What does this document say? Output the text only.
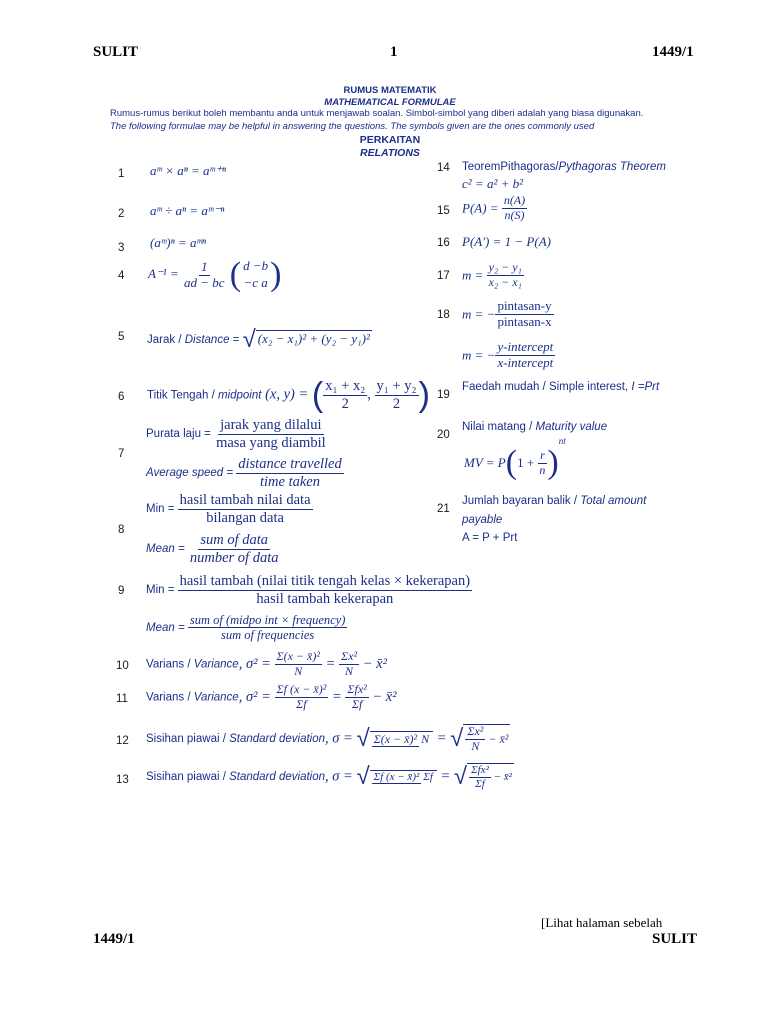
SULIT	1	1449/1
RUMUS MATEMATIK
MATHEMATICAL FORMULAE
Rumus-rumus berikut boleh membantu anda untuk menjawab soalan. Simbol-simbol yang diberi adalah yang biasa digunakan.
The following formulae may be helpful in answering the questions. The symbols given are the ones commonly used
PERKAITAN
RELATIONS
1 aᵐ × aⁿ = aᵐ⁺ⁿ
2 aᵐ ÷ aⁿ = aᵐ⁻ⁿ
3 (aᵐ)ⁿ = aᵐⁿ
4 $A^{-1} = \frac{1}{ad - bc}$ ( d −b
−c a )
5 Jarak / Distance = √ (x₂ − x₁)² + (y₂ − y₁)²
6 Titik Tengah / midpoint (x, y) = ( $\frac{\text{x₁ + x₂}}{2}$ , $\frac{\text{y₁ + y₂}}{2}$ )
7
Purata laju = $\frac{\text{jarak yang dilalui}}{\text{masa yang diambil}}$
Average speed = $\frac{\text{distance travelled}}{\text{time taken}}$
8
Min = $\frac{\text{hasil tambah nilai data}}{\text{bilangan data}}$
Mean = $\frac{\text{sum of data}}{\text{number of data}}$
9 Min = $\frac{\text{hasil tambah (nilai titik tengah kelas × kekerapan)}}{\text{hasil tambah kekerapan}}$
Mean = $\frac{\text{sum of (midpo int × frequency)}}{\text{sum of frequencies}}$
10 Varians / Variance, $\sigma^2 = \frac{\text{Σ(x − x̄)²}}{N} = \frac{\text{Σx²}}{N}$ − x̄²
11 Varians / Variance, $\sigma^2 = \frac{\text{Σf (x − x̄)²}}{\Sigma f} = \frac{\text{Σfx²}}{\Sigma f}$ − x̄²
12 Sisihan piawai / Standard deviation, σ = √ Σ(x − x̄)² N = √ $\frac{\text{Σx²}}{N}$ − x̄²
13 Sisihan piawai / Standard deviation, σ = √ Σf (x − x̄)² Σf = √ $\frac{\text{Σfx²}}{\Sigma f}$ − x̄²
14 TeoremPithagoras/Pythagoras Theorem
c² = a² + b²
15 $P(A) = \frac{n(A)}{n(S)}$
16 P(A′) = 1 − P(A)
17 $m = \frac{\text{y₂ − y₁}}{\text{x₂ − x₁}}$
18 m = − $\frac{\text{pintasan-y}}{\text{pintasan-x}}$
m = − $\frac{\text{y-intercept}}{\text{x-intercept}}$
19
Faedah mudah / Simple interest, I =Prt
20
Nilai matang / Maturity value
MV = $P(1 + \frac{r}{n} )^{nt}$
21
Jumlah bayaran balik / Total amount
payable
A = P + Prt
[Lihat halaman sebelah
1449/1	SULIT
